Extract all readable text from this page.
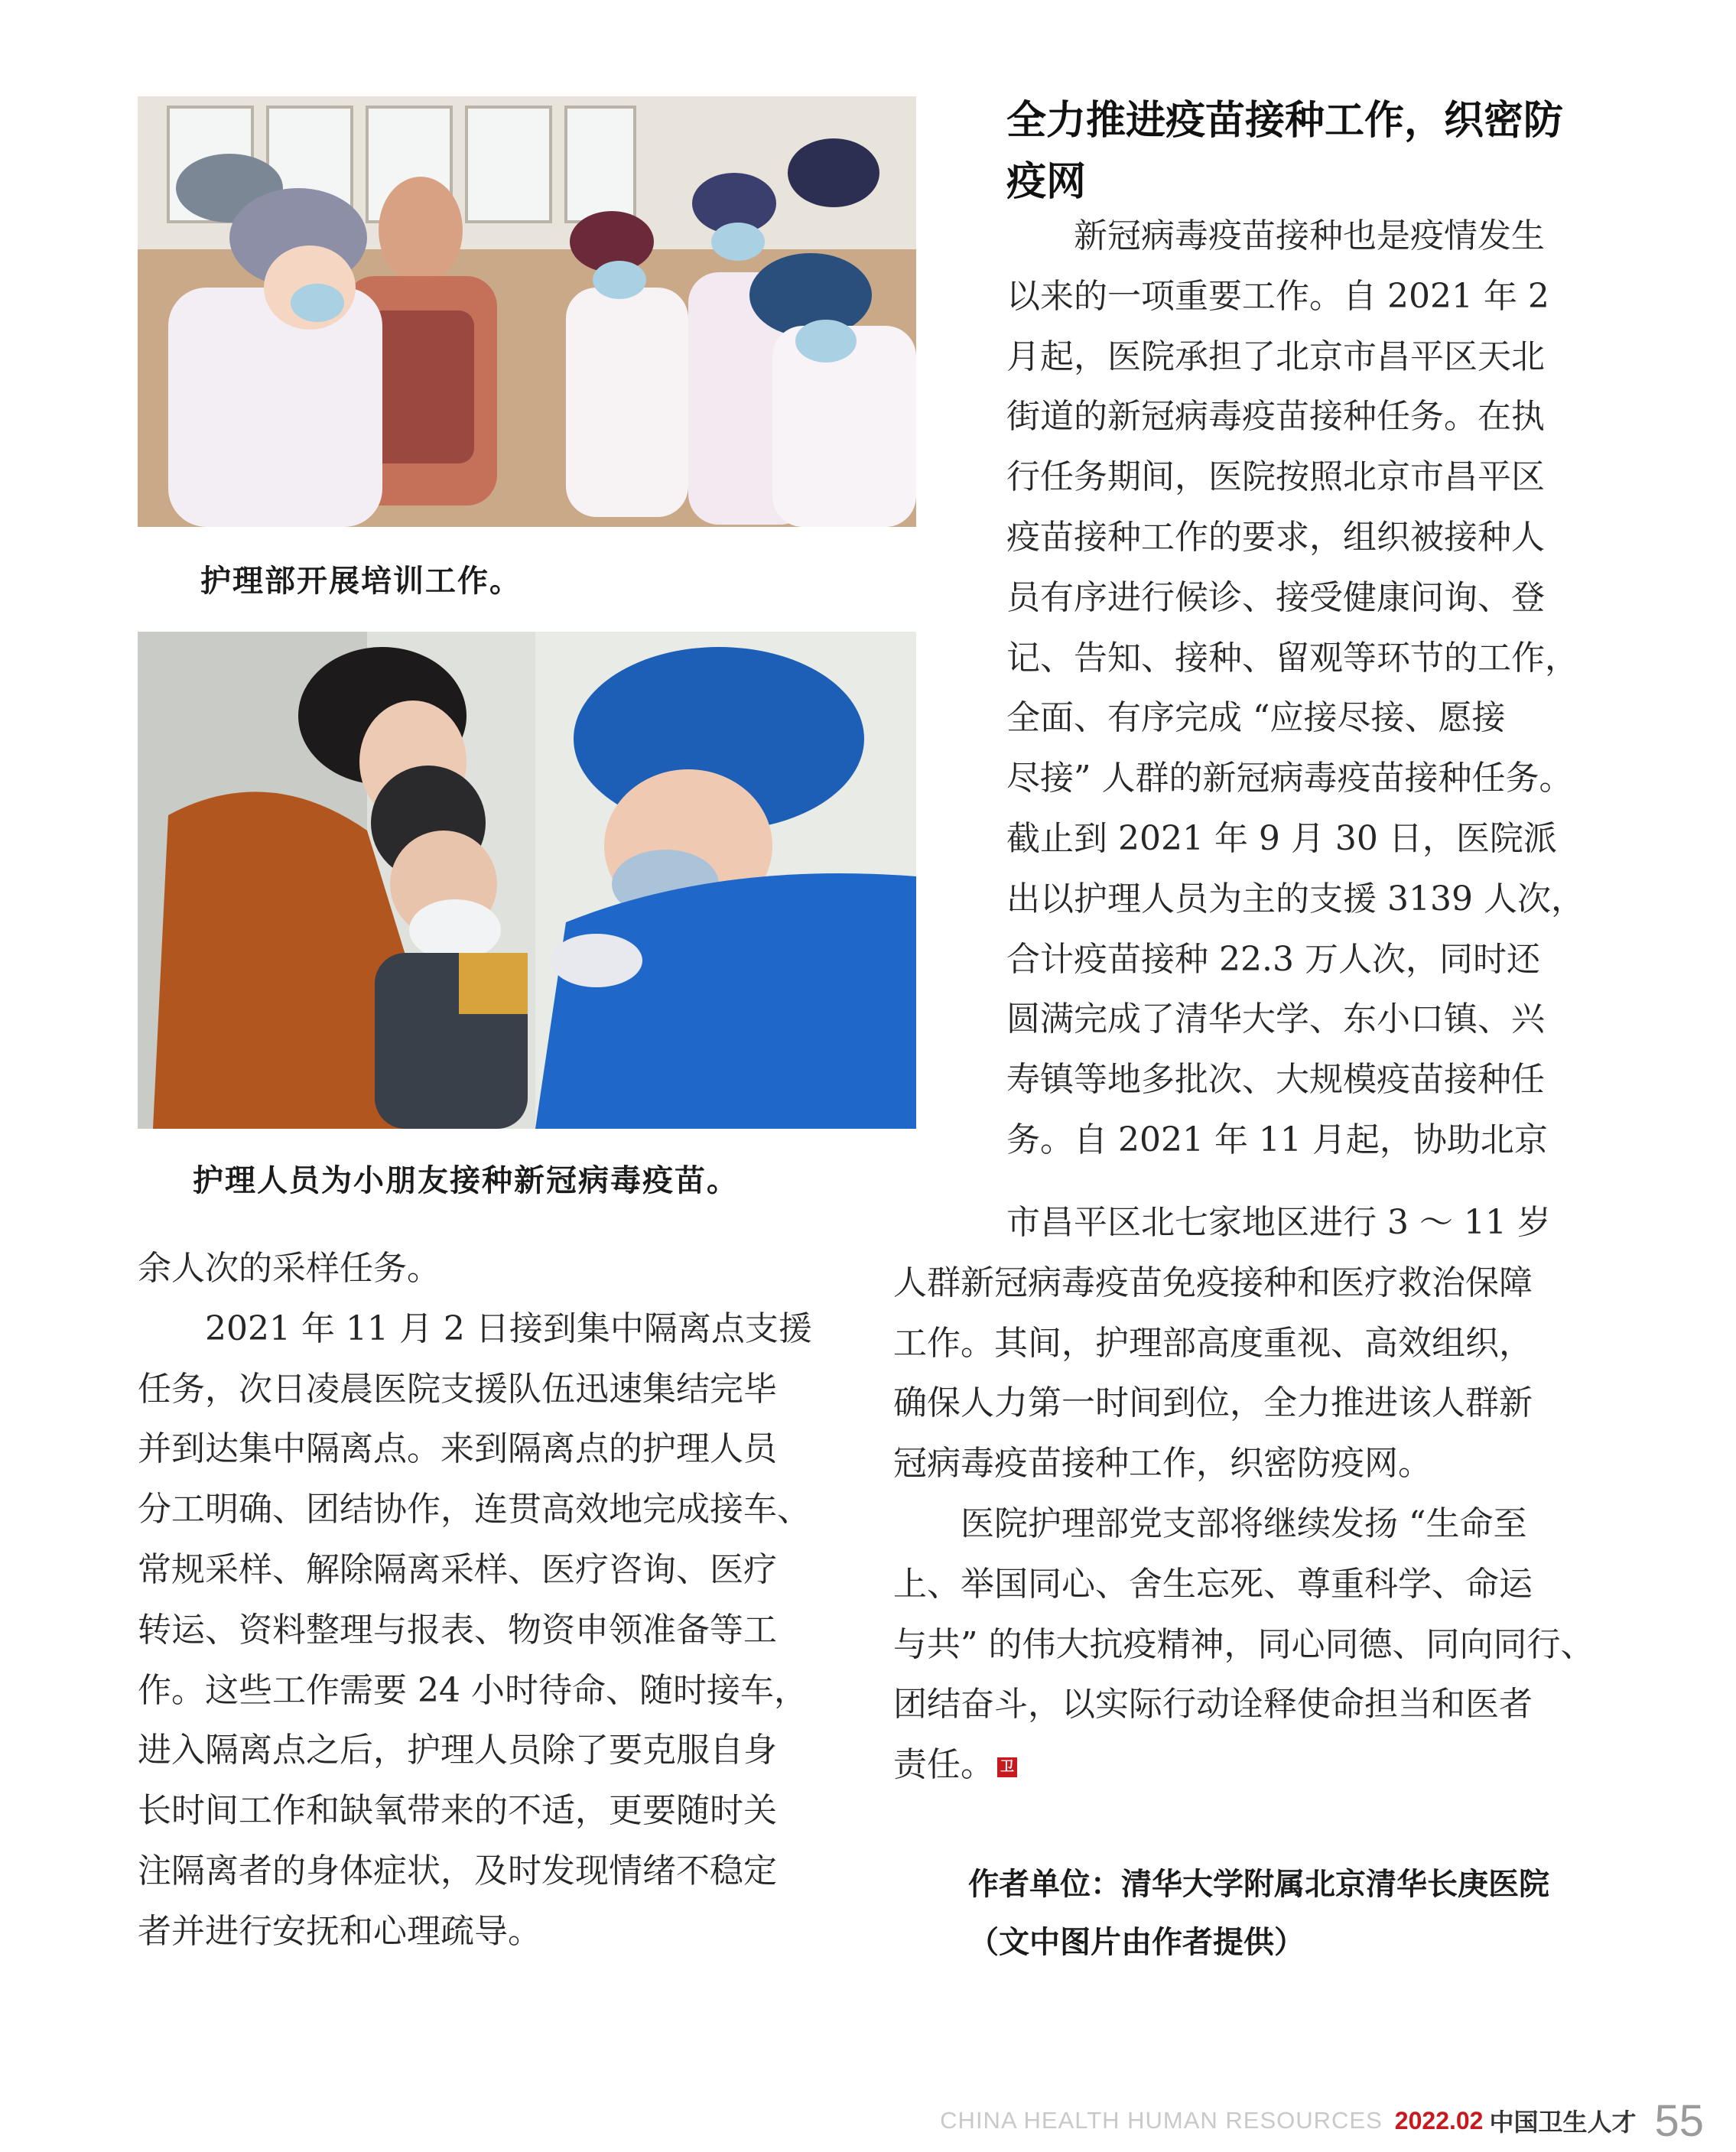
护理部开展培训工作。
护理人员为小朋友接种新冠病毒疫苗。
全力推进疫苗接种工作，织密防
疫网
　　新冠病毒疫苗接种也是疫情发生
以来的一项重要工作。自 2021 年 2
月起，医院承担了北京市昌平区天北
街道的新冠病毒疫苗接种任务。在执
行任务期间，医院按照北京市昌平区
疫苗接种工作的要求，组织被接种人
员有序进行候诊、接受健康问询、登
记、告知、接种、留观等环节的工作，
全面、有序完成 “应接尽接、愿接
尽接” 人群的新冠病毒疫苗接种任务。
截止到 2021 年 9 月 30 日，医院派
出以护理人员为主的支援 3139 人次，
合计疫苗接种 22.3 万人次，同时还
圆满完成了清华大学、东小口镇、兴
寿镇等地多批次、大规模疫苗接种任
务。自 2021 年 11 月起，协助北京
市昌平区北七家地区进行 3 ～ 11 岁
人群新冠病毒疫苗免疫接种和医疗救治保障
工作。其间，护理部高度重视、高效组织，
确保人力第一时间到位，全力推进该人群新
冠病毒疫苗接种工作，织密防疫网。
　　医院护理部党支部将继续发扬 “生命至
上、举国同心、舍生忘死、尊重科学、命运
与共” 的伟大抗疫精神，同心同德、同向同行、
团结奋斗，以实际行动诠释使命担当和医者
责任。 卫
余人次的采样任务。
　　2021 年 11 月 2 日接到集中隔离点支援
任务，次日凌晨医院支援队伍迅速集结完毕
并到达集中隔离点。来到隔离点的护理人员
分工明确、团结协作，连贯高效地完成接车、
常规采样、解除隔离采样、医疗咨询、医疗
转运、资料整理与报表、物资申领准备等工
作。这些工作需要 24 小时待命、随时接车，
进入隔离点之后，护理人员除了要克服自身
长时间工作和缺氧带来的不适，更要随时关
注隔离者的身体症状，及时发现情绪不稳定
者并进行安抚和心理疏导。
作者单位：清华大学附属北京清华长庚医院
（文中图片由作者提供）
CHINA HEALTH HUMAN RESOURCES 2022.02 中国卫生人才 55
